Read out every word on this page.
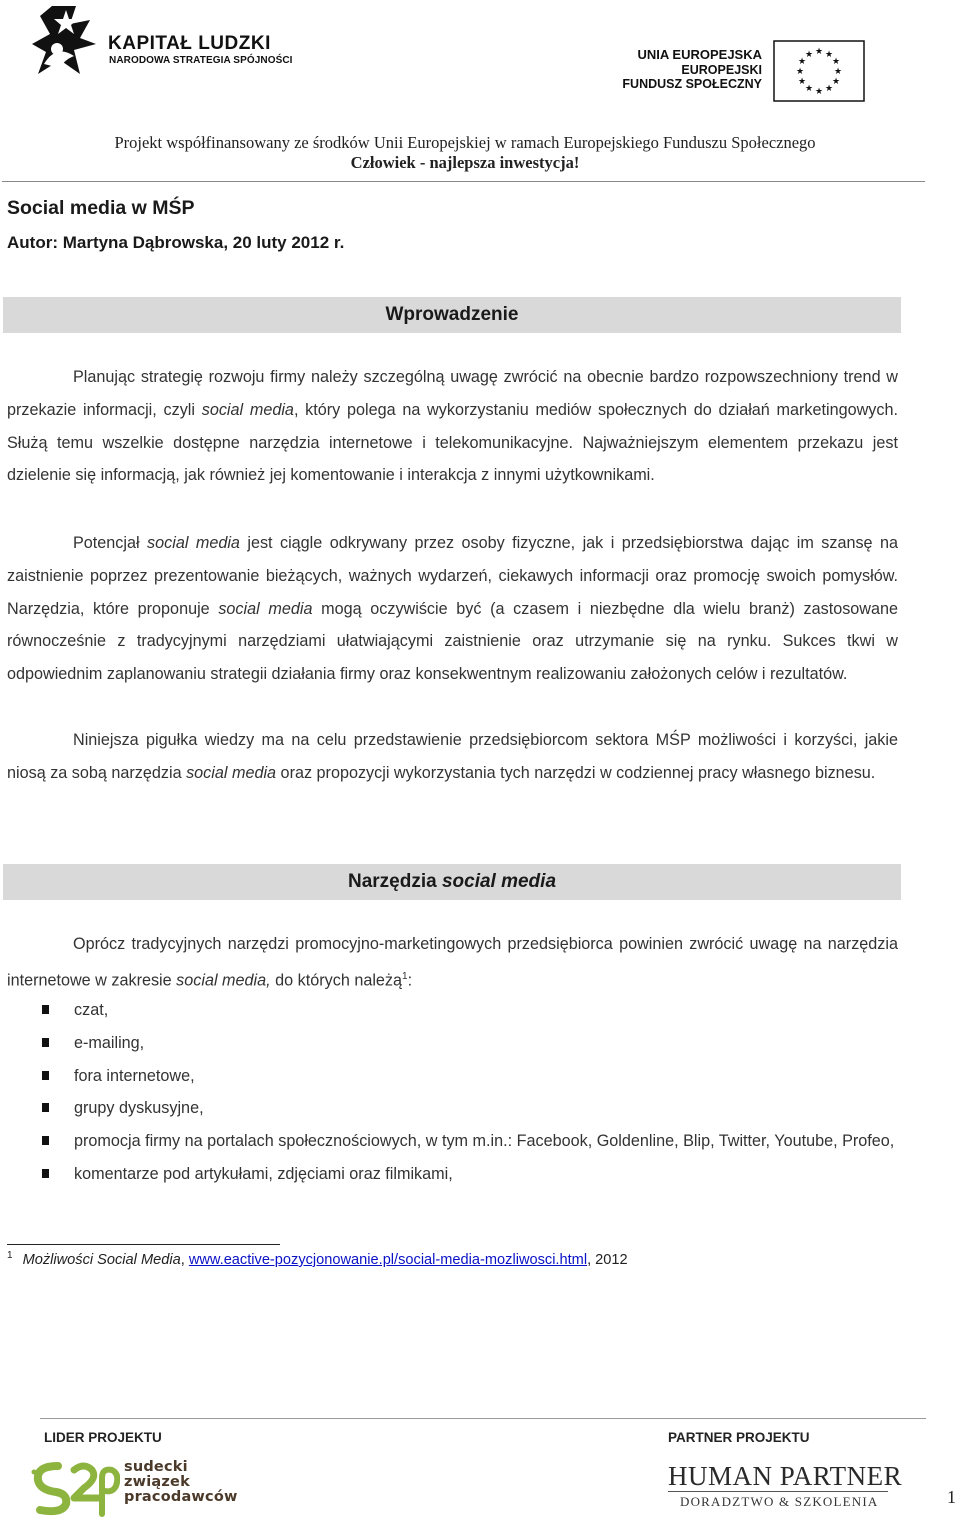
KAPITAŁ LUDZKI
NARODOWA STRATEGIA SPÓJNOŚCI	UNIA EUROPEJSKA
EUROPEJSKI
FUNDUSZ SPOŁECZNY
★ ★
★
★
★
★
★
★
★
★
★
★
Projekt współfinansowany ze środków Unii Europejskiej w ramach Europejskiego Funduszu Społecznego
Człowiek - najlepsza inwestycja!
Social media w MŚP
Autor: Martyna Dąbrowska, 20 luty 2012 r.
Wprowadzenie

Planując strategię rozwoju firmy należy szczególną uwagę zwrócić na obecnie bardzo rozpowszechniony trend w przekazie informacji, czyli social media, który polega na wykorzystaniu mediów społecznych do działań marketingowych. Służą temu wszelkie dostępne narzędzia internetowe i telekomunikacyjne. Najważniejszym elementem przekazu jest dzielenie się informacją, jak również jej komentowanie i interakcja z innymi użytkownikami.

Potencjał social media jest ciągle odkrywany przez osoby fizyczne, jak i przedsiębiorstwa dając im szansę na zaistnienie poprzez prezentowanie bieżących, ważnych wydarzeń, ciekawych informacji oraz promocję swoich pomysłów. Narzędzia, które proponuje social media mogą oczywiście być (a czasem i niezbędne dla wielu branż) zastosowane równocześnie z tradycyjnymi narzędziami ułatwiającymi zaistnienie oraz utrzymanie się na rynku. Sukces tkwi w odpowiednim zaplanowaniu strategii działania firmy oraz konsekwentnym realizowaniu założonych celów i rezultatów.

Niniejsza pigułka wiedzy ma na celu przedstawienie przedsiębiorcom sektora MŚP możliwości i korzyści, jakie niosą za sobą narzędzia social media oraz propozycji wykorzystania tych narzędzi w codziennej pracy własnego biznesu.

Narzędzia social media

Oprócz tradycyjnych narzędzi promocyjno-marketingowych przedsiębiorca powinien zwrócić uwagę na narzędzia internetowe w zakresie social media, do których należą$^1$:

czat,
e-mailing,
fora internetowe,
grupy dyskusyjne,
promocja firmy na portalach społecznościowych, w tym m.in.: Facebook, Goldenline, Blip, Twitter, Youtube, Profeo,
komentarze pod artykułami, zdjęciami oraz filmikami,
$^1$ Możliwości Social Media, www.eactive-pozycjonowanie.pl/social-media-mozliwosci.html, 2012
LIDER PROJEKTU	PARTNER PROJEKTU
sudecki
związek
pracodawców
HUMAN PARTNER
DORADZTWO & SZKOLENIA	1
